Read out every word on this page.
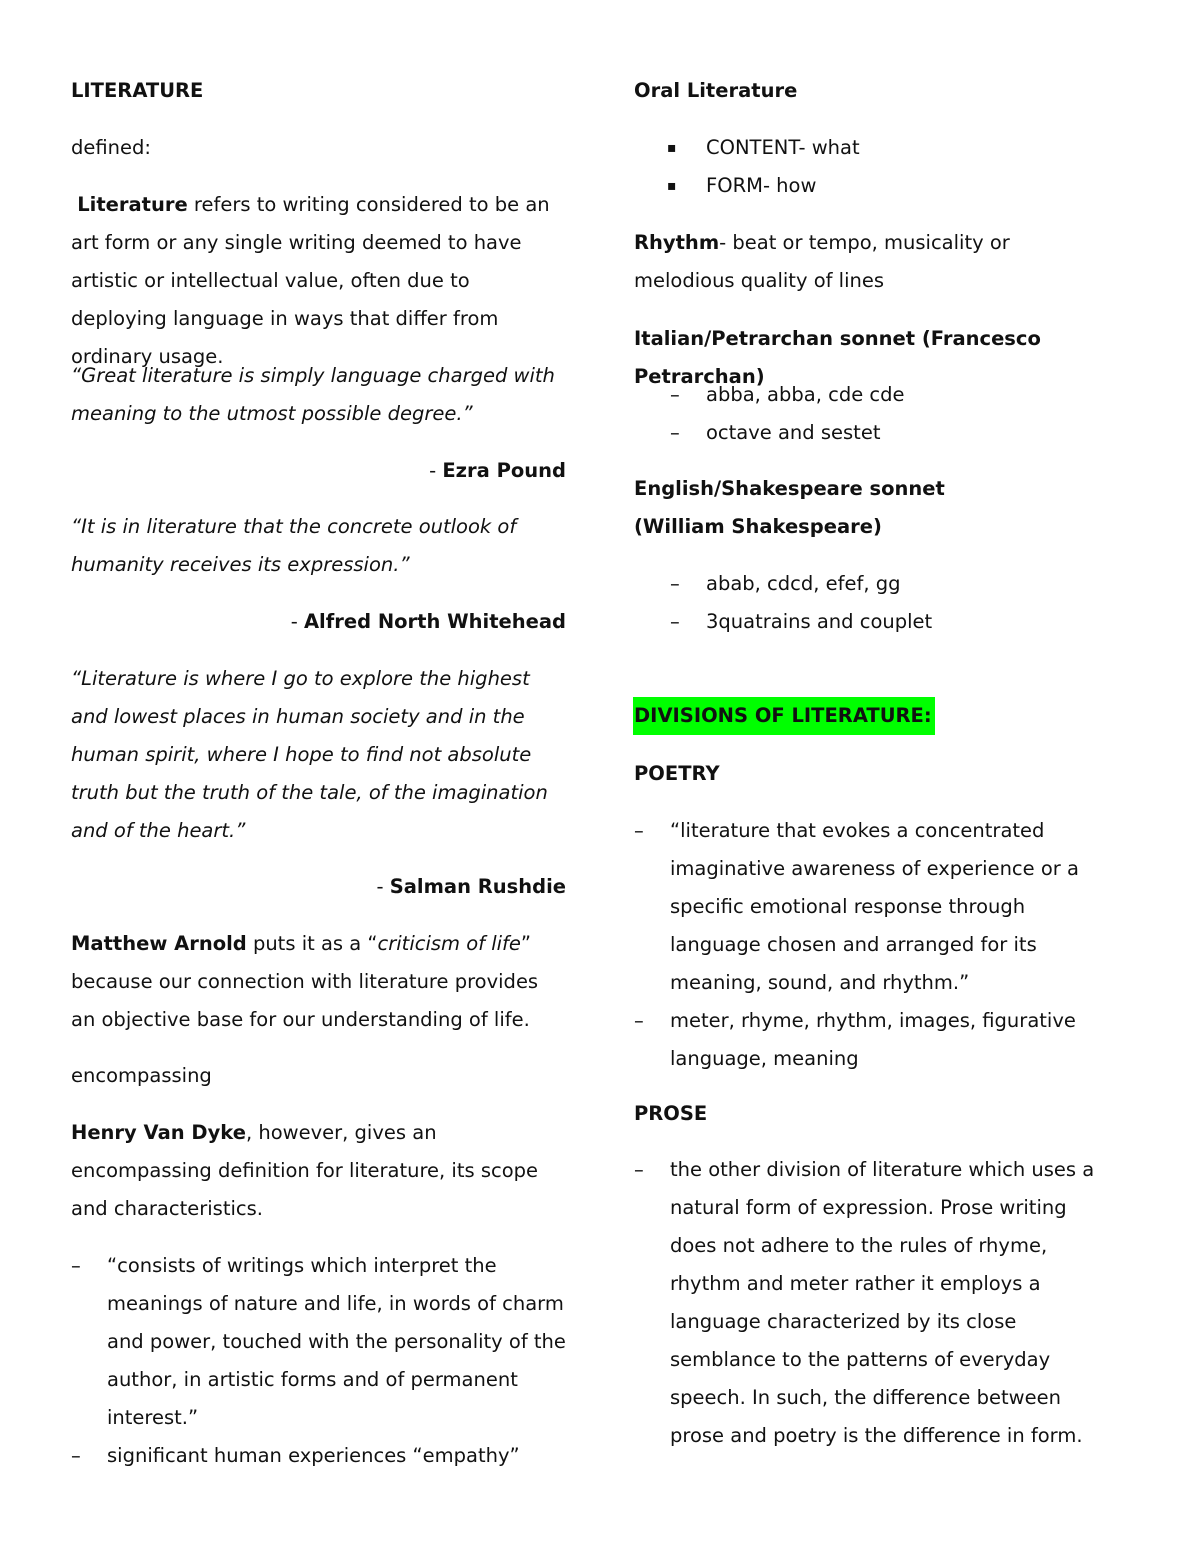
LITERATURE

defined:

Literature refers to writing considered to be an art form or any single writing deemed to have artistic or intellectual value, often due to deploying language in ways that differ from ordinary usage.

“Great literature is simply language charged with meaning to the utmost possible degree.”

- Ezra Pound

“It is in literature that the concrete outlook of humanity receives its expression.”

- Alfred North Whitehead

“Literature is where I go to explore the highest and lowest places in human society and in the human spirit, where I hope to find not absolute truth but the truth of the tale, of the imagination and of the heart.”

- Salman Rushdie

Matthew Arnold puts it as a “criticism of life” because our connection with literature provides an objective base for our understanding of life.

encompassing

Henry Van Dyke, however, gives an encompassing definition for literature, its scope and characteristics.

– “consists of writings which interpret the meanings of nature and life, in words of charm and power, touched with the personality of the author, in artistic forms and of permanent interest.”
– significant human experiences “empathy”

Oral Literature

▪ CONTENT- what
▪ FORM- how

Rhythm- beat or tempo, musicality or melodious quality of lines

Italian/Petrarchan sonnet (Francesco Petrarchan)

– abba, abba, cde cde
– octave and sestet

English/Shakespeare sonnet (William Shakespeare)

– abab, cdcd, efef, gg
– 3quatrains and couplet

DIVISIONS OF LITERATURE:

POETRY

– “literature that evokes a concentrated imaginative awareness of experience or a specific emotional response through language chosen and arranged for its meaning, sound, and rhythm.”
– meter, rhyme, rhythm, images, figurative language, meaning

PROSE

– the other division of literature which uses a natural form of expression. Prose writing does not adhere to the rules of rhyme, rhythm and meter rather it employs a language characterized by its close semblance to the patterns of everyday speech. In such, the difference between prose and poetry is the difference in form.
